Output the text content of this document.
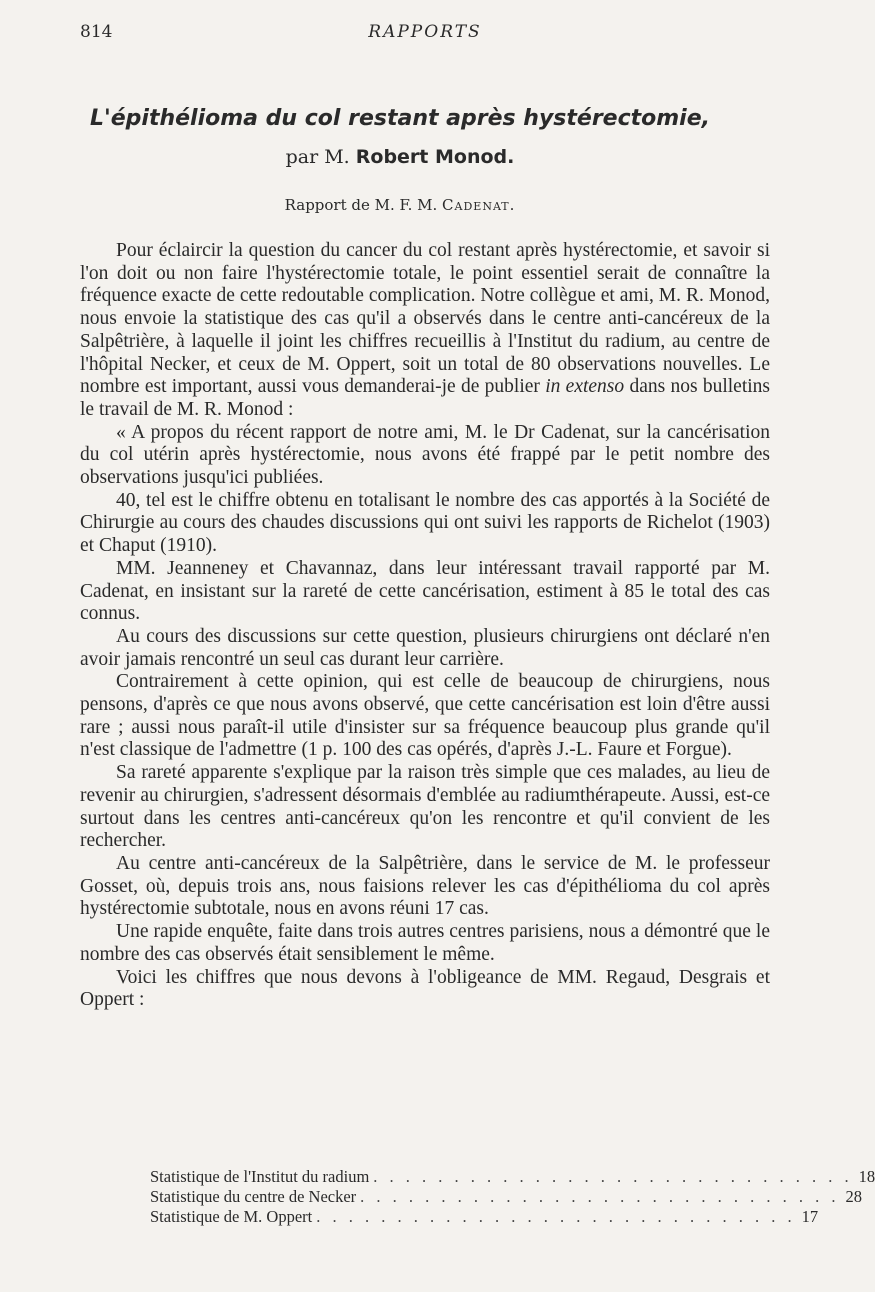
814	RAPPORTS
L'épithélioma du col restant après hystérectomie,
par M. Robert Monod.
Rapport de M. F. M. Cadenat.

Pour éclaircir la question du cancer du col restant après hystérectomie, et savoir si l'on doit ou non faire l'hystérectomie totale, le point essentiel serait de connaître la fréquence exacte de cette redoutable complication. Notre collègue et ami, M. R. Monod, nous envoie la statistique des cas qu'il a observés dans le centre anti-cancéreux de la Salpêtrière, à laquelle il joint les chiffres recueillis à l'Institut du radium, au centre de l'hôpital Necker, et ceux de M. Oppert, soit un total de 80 observations nouvelles. Le nombre est important, aussi vous demanderai-je de publier in extenso dans nos bulletins le travail de M. R. Monod :

« A propos du récent rapport de notre ami, M. le Dr Cadenat, sur la cancérisation du col utérin après hystérectomie, nous avons été frappé par le petit nombre des observations jusqu'ici publiées.

40, tel est le chiffre obtenu en totalisant le nombre des cas apportés à la Société de Chirurgie au cours des chaudes discussions qui ont suivi les rapports de Richelot (1903) et Chaput (1910).

MM. Jeanneney et Chavannaz, dans leur intéressant travail rapporté par M. Cadenat, en insistant sur la rareté de cette cancérisation, estiment à 85 le total des cas connus.

Au cours des discussions sur cette question, plusieurs chirurgiens ont déclaré n'en avoir jamais rencontré un seul cas durant leur carrière.

Contrairement à cette opinion, qui est celle de beaucoup de chirurgiens, nous pensons, d'après ce que nous avons observé, que cette cancérisation est loin d'être aussi rare ; aussi nous paraît-il utile d'insister sur sa fréquence beaucoup plus grande qu'il n'est classique de l'admettre (1 p. 100 des cas opérés, d'après J.-L. Faure et Forgue).

Sa rareté apparente s'explique par la raison très simple que ces malades, au lieu de revenir au chirurgien, s'adressent désormais d'emblée au radiumthérapeute. Aussi, est-ce surtout dans les centres anti-cancéreux qu'on les rencontre et qu'il convient de les rechercher.

Au centre anti-cancéreux de la Salpêtrière, dans le service de M. le professeur Gosset, où, depuis trois ans, nous faisions relever les cas d'épithélioma du col après hystérectomie subtotale, nous en avons réuni 17 cas.

Une rapide enquête, faite dans trois autres centres parisiens, nous a démontré que le nombre des cas observés était sensiblement le même.

Voici les chiffres que nous devons à l'obligeance de MM. Regaud, Desgrais et Oppert :

Statistique de l'Institut du radium . . . . . . . . . . . . . . . . . . . . . . . . . . . . . . 18
Statistique du centre de Necker . . . . . . . . . . . . . . . . . . . . . . . . . . . . . . 28
Statistique de M. Oppert . . . . . . . . . . . . . . . . . . . . . . . . . . . . . . 17
